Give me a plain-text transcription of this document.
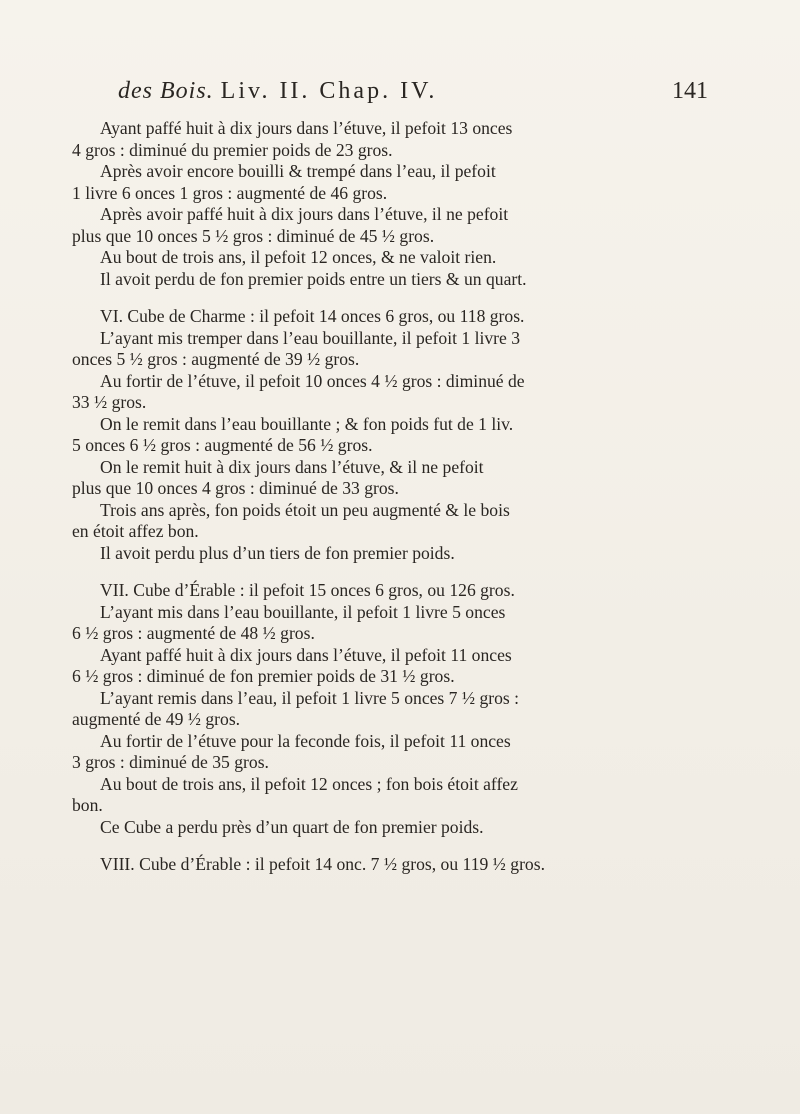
des Bois. Liv. II. Chap. IV.	141
Ayant paffé huit à dix jours dans l’étuve, il pefoit 13 onces
4 gros : diminué du premier poids de 23 gros.
Après avoir encore bouilli & trempé dans l’eau, il pefoit
1 livre 6 onces 1 gros : augmenté de 46 gros.
Après avoir paffé huit à dix jours dans l’étuve, il ne pefoit
plus que 10 onces 5 ½ gros : diminué de 45 ½ gros.
Au bout de trois ans, il pefoit 12 onces, & ne valoit rien.
Il avoit perdu de fon premier poids entre un tiers & un quart.
VI. Cube de Charme : il pefoit 14 onces 6 gros, ou 118 gros.
L’ayant mis tremper dans l’eau bouillante, il pefoit 1 livre 3
onces 5 ½ gros : augmenté de 39 ½ gros.
Au fortir de l’étuve, il pefoit 10 onces 4 ½ gros : diminué de
33 ½ gros.
On le remit dans l’eau bouillante ; & fon poids fut de 1 liv.
5 onces 6 ½ gros : augmenté de 56 ½ gros.
On le remit huit à dix jours dans l’étuve, & il ne pefoit
plus que 10 onces 4 gros : diminué de 33 gros.
Trois ans après, fon poids étoit un peu augmenté & le bois
en étoit affez bon.
Il avoit perdu plus d’un tiers de fon premier poids.
VII. Cube d’Érable : il pefoit 15 onces 6 gros, ou 126 gros.
L’ayant mis dans l’eau bouillante, il pefoit 1 livre 5 onces
6 ½ gros : augmenté de 48 ½ gros.
Ayant paffé huit à dix jours dans l’étuve, il pefoit 11 onces
6 ½ gros : diminué de fon premier poids de 31 ½ gros.
L’ayant remis dans l’eau, il pefoit 1 livre 5 onces 7 ½ gros :
augmenté de 49 ½ gros.
Au fortir de l’étuve pour la feconde fois, il pefoit 11 onces
3 gros : diminué de 35 gros.
Au bout de trois ans, il pefoit 12 onces ; fon bois étoit affez
bon.
Ce Cube a perdu près d’un quart de fon premier poids.
VIII. Cube d’Érable : il pefoit 14 onc. 7 ½ gros, ou 119 ½ gros.
